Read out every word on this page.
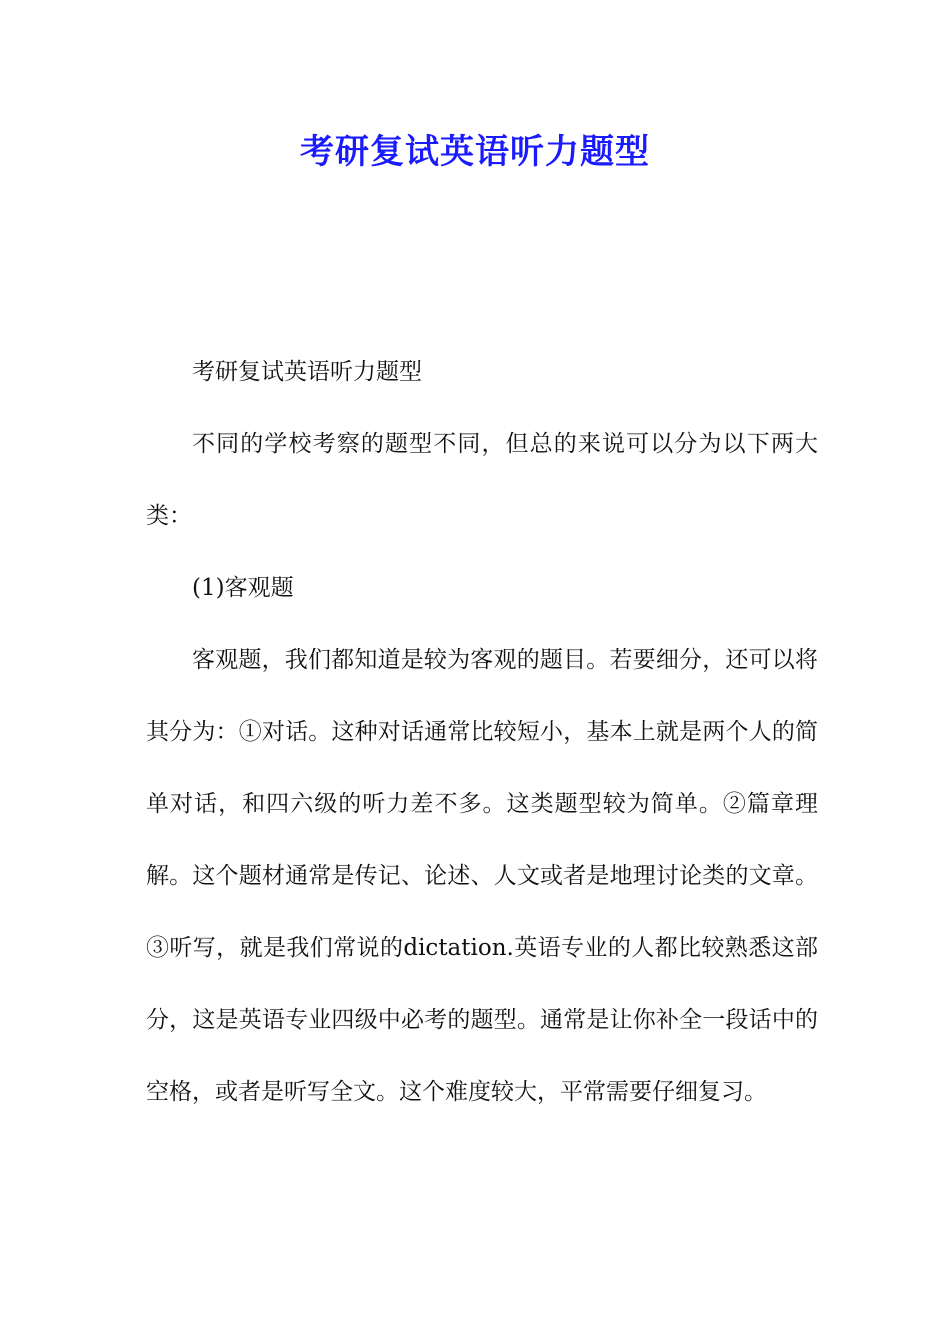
考研复试英语听力题型

考研复试英语听力题型

不同的学校考察的题型不同，但总的来说可以分为以下两大类：

(1)客观题

客观题，我们都知道是较为客观的题目。若要细分，还可以将其分为：①对话。这种对话通常比较短小，基本上就是两个人的简单对话，和四六级的听力差不多。这类题型较为简单。②篇章理解。这个题材通常是传记、论述、人文或者是地理讨论类的文章。③听写，就是我们常说的dictation.英语专业的人都比较熟悉这部分，这是英语专业四级中必考的题型。通常是让你补全一段话中的空格，或者是听写全文。这个难度较大，平常需要仔细复习。
